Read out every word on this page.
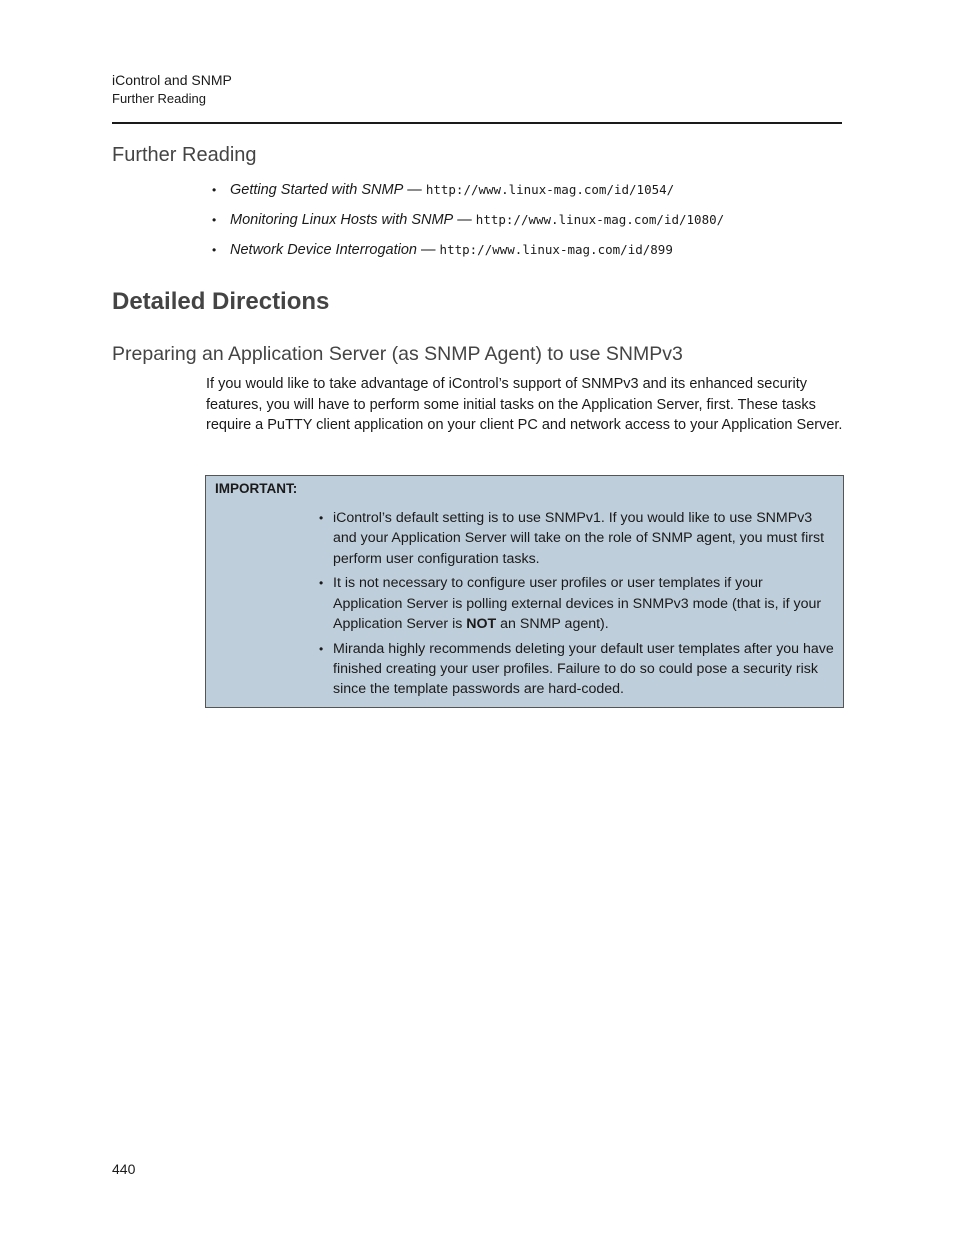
iControl and SNMP
Further Reading
Further Reading
• Getting Started with SNMP — http://www.linux-mag.com/id/1054/
• Monitoring Linux Hosts with SNMP — http://www.linux-mag.com/id/1080/
• Network Device Interrogation — http://www.linux-mag.com/id/899
Detailed Directions
Preparing an Application Server (as SNMP Agent) to use SNMPv3

If you would like to take advantage of iControl’s support of SNMPv3 and its enhanced security features, you will have to perform some initial tasks on the Application Server, first. These tasks require a PuTTY client application on your client PC and network access to your Application Server.

IMPORTANT:
• iControl’s default setting is to use SNMPv1. If you would like to use SNMPv3 and your Application Server will take on the role of SNMP agent, you must first perform user configuration tasks.
• It is not necessary to configure user profiles or user templates if your Application Server is polling external devices in SNMPv3 mode (that is, if your Application Server is NOT an SNMP agent).
• Miranda highly recommends deleting your default user templates after you have finished creating your user profiles. Failure to do so could pose a security risk since the template passwords are hard-coded.
440
